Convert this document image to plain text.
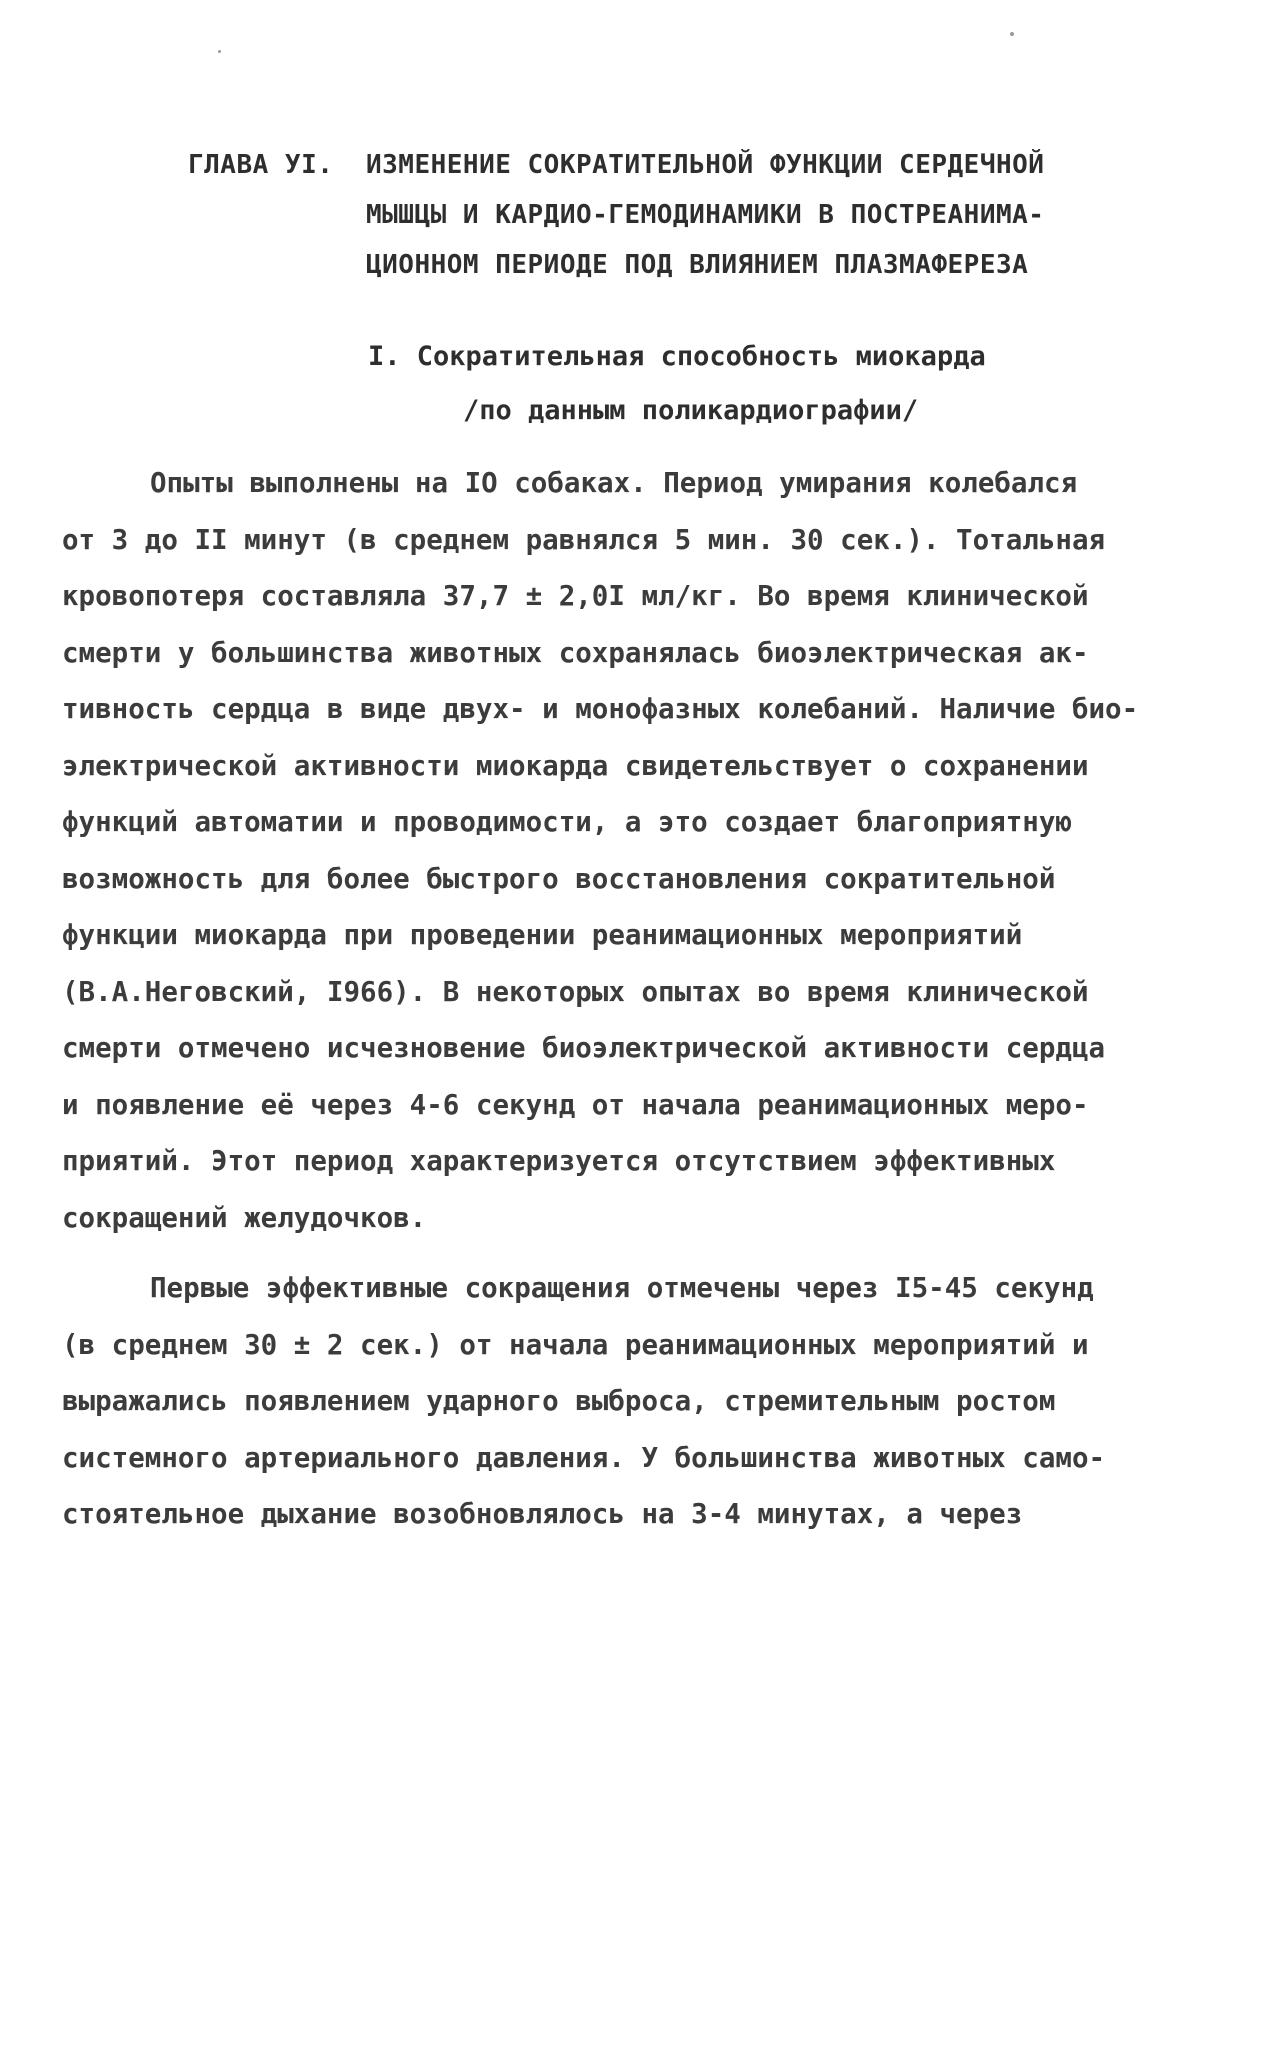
ГЛАВА УI. ИЗМЕНЕНИЕ СОКРАТИТЕЛЬНОЙ ФУНКЦИИ СЕРДЕЧНОЙ
МЫШЦЫ И КАРДИО-ГЕМОДИНАМИКИ В ПОСТРЕАНИМА-
ЦИОННОМ ПЕРИОДЕ ПОД ВЛИЯНИЕМ ПЛАЗМАФЕРЕЗА
I. Сократительная способность миокарда
/по данным поликардиографии/
Опыты выполнены на IO собаках. Период умирания колебался
от 3 до II минут (в среднем равнялся 5 мин. 30 сек.). Тотальная
кровопотеря составляла 37,7 ± 2,0I мл/кг. Во время клинической
смерти у большинства животных сохранялась биоэлектрическая ак-
тивность сердца в виде двух- и монофазных колебаний. Наличие био-
электрической активности миокарда свидетельствует о сохранении
функций автоматии и проводимости, а это создает благоприятную
возможность для более быстрого восстановления сократительной
функции миокарда при проведении реанимационных мероприятий
(В.А.Неговский, I966). В некоторых опытах во время клинической
смерти отмечено исчезновение биоэлектрической активности сердца
и появление её через 4-6 секунд от начала реанимационных меро-
приятий. Этот период характеризуется отсутствием эффективных
сокращений желудочков.
Первые эффективные сокращения отмечены через I5-45 секунд
(в среднем 30 ± 2 сек.) от начала реанимационных мероприятий и
выражались появлением ударного выброса, стремительным ростом
системного артериального давления. У большинства животных само-
стоятельное дыхание возобновлялось на 3-4 минутах, а через
